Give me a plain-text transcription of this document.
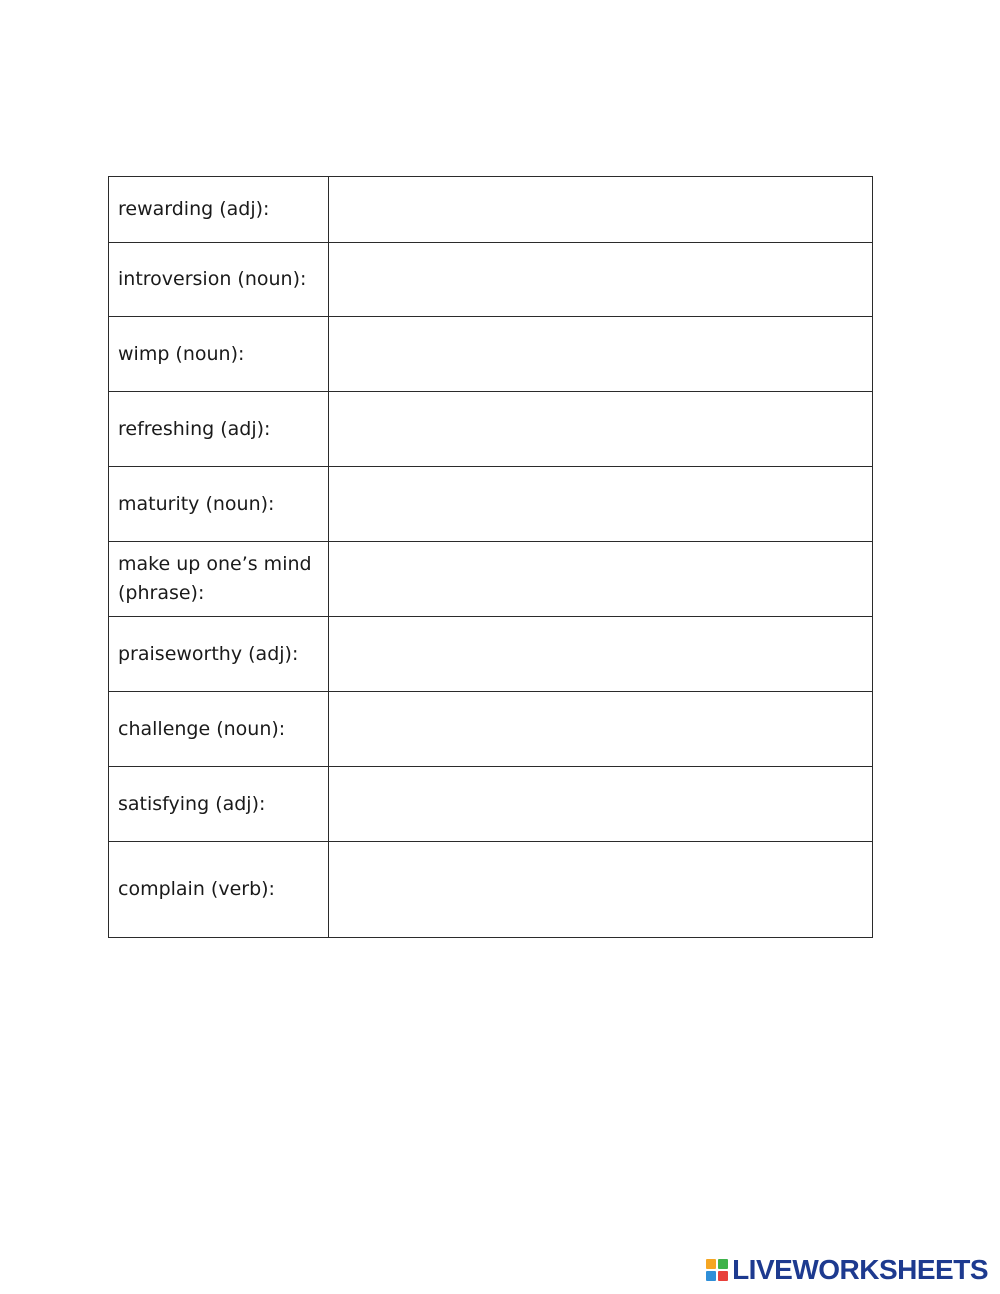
rewarding (adj):	
introversion (noun):	
wimp (noun):	
refreshing (adj):	
maturity (noun):	
make up one’s mind (phrase):	
praiseworthy (adj):	
challenge (noun):	
satisfying (adj):	
complain (verb):	
LIVEWORKSHEETS
